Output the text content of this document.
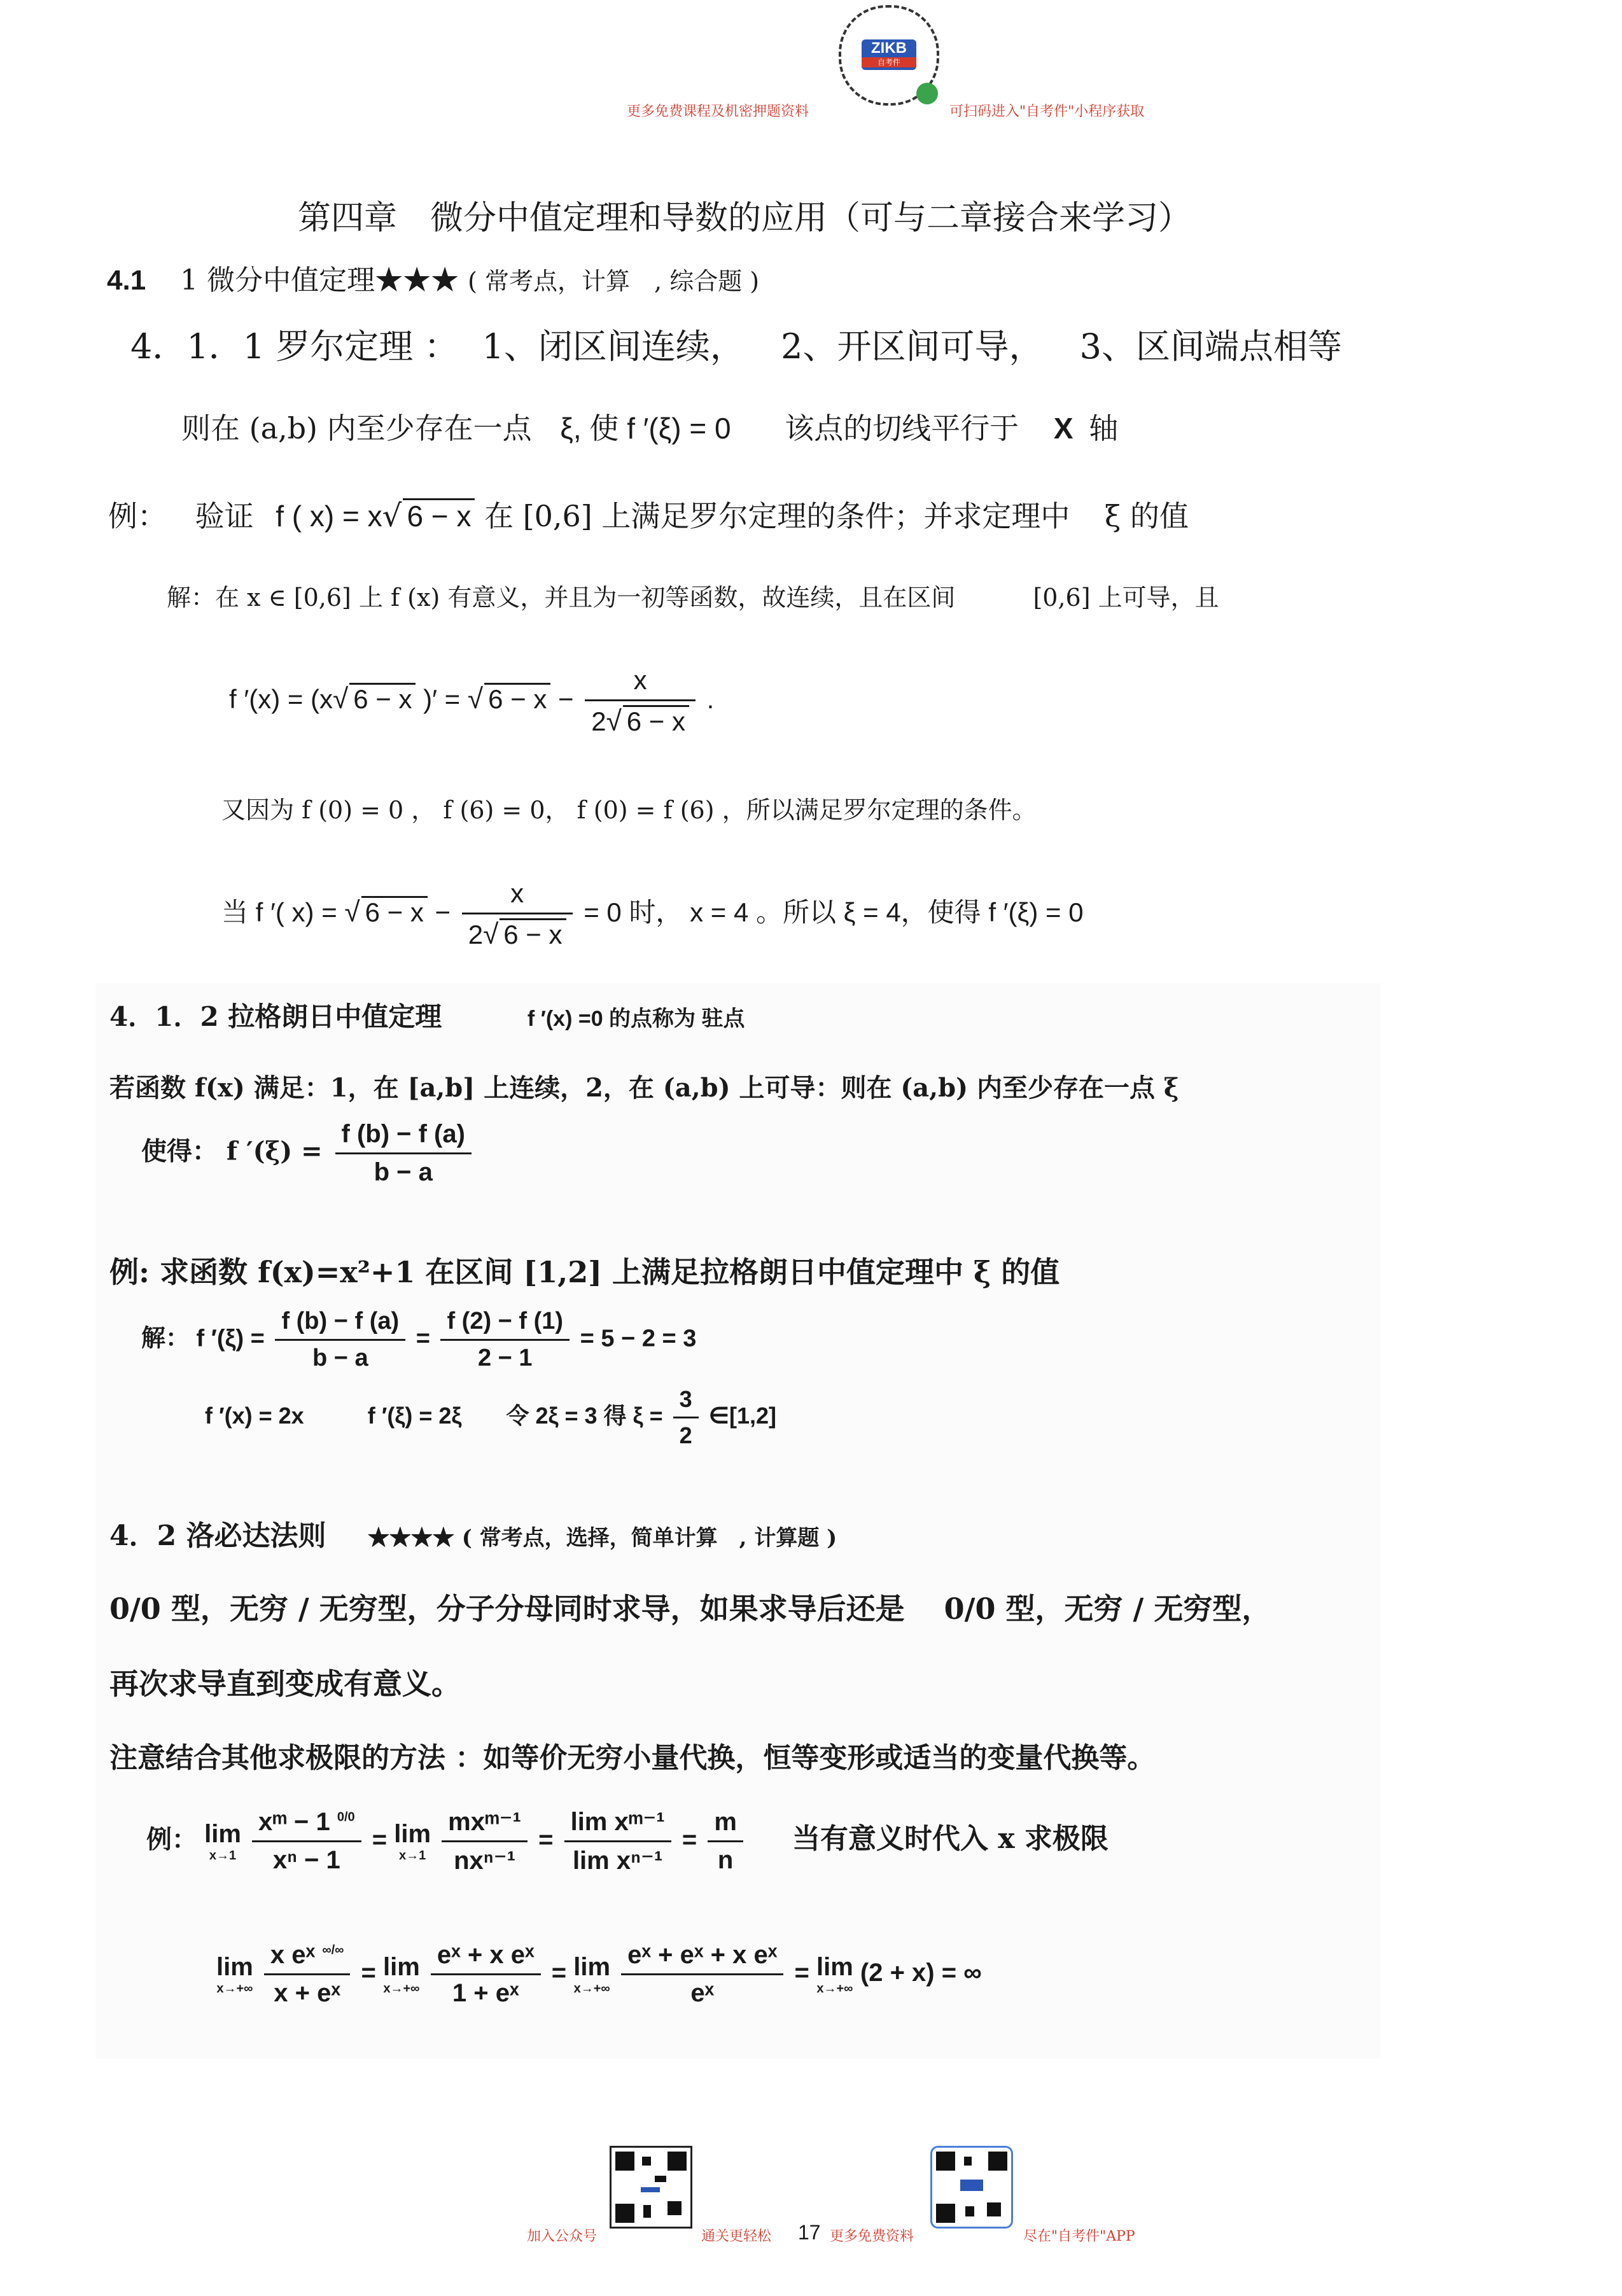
ZIKB
自考件
更多免费课程及机密押题资料	可扫码进入"自考件"小程序获取
第四章　微分中值定理和导数的应用（可与二章接合来学习）
4.1 1 微分中值定理★★★ ( 常考点，计算　, 综合题 )
4．1．1 罗尔定理 ： 1、闭区间连续， 2、开区间可导， 3、区间端点相等
则在 (a,b) 内至少存在一点 ξ, 使 f ′(ξ) = 0 该点的切线平行于 X 轴
例： 验证 f ( x) = x√ 6 − x 在 [0,6] 上满足罗尔定理的条件；并求定理中 ξ 的值
解：在 x ∈ [0,6] 上 f (x) 有意义，并且为一初等函数，故连续，且在区间	[0,6] 上可导，且
f ′(x) = (x√ 6 − x )′ = √ $6 - x - \frac{x}{2√ 6 - x}$ .
又因为 f (0) = 0 ， f (6) = 0， f (0) = f (6) ，所以满足罗尔定理的条件。
当 f ′( x) = √ $6 - x - \frac{x}{2√ 6 - x} = 0$ 时， x = 4 。所以 ξ = 4，使得 f ′(ξ) = 0
4．1．2 拉格朗日中值定理	f ′(x) =0 的点称为 驻点
若函数 f(x) 满足：1，在 [a,b] 上连续，2，在 (a,b) 上可导：则在 (a,b) 内至少存在一点 ξ
使得： f $'(\xi) = \frac{f (b) - f (a)}{b - a}$
例: 求函数 f(x)=x²+1 在区间 [1,2] 上满足拉格朗日中值定理中 ξ 的值
解： f $'(\xi) = \frac{f (b) - f (a)}{b - a} = \frac{f (2) - f (1)}{2 - 1} = 5 - 2 = 3$
f ′(x) = 2x	f ′(ξ) = 2ξ 令 2ξ = 3 得 $\xi = \frac{3}{2}$ ∈[1,2]
4．2 洛必达法则 ★★★★ ( 常考点，选择，简单计算　, 计算题 )
0/0 型，无穷 / 无穷型，分子分母同时求导，如果求导后还是　 0/0 型，无穷 / 无穷型，
再次求导直到变成有意义。
注意结合其他求极限的方法 ：如等价无穷小量代换，恒等变形或适当的变量代换等。
例： lim
x→1
$\frac{xᵐ - 1 ^{0/0}}{\text{xⁿ − 1}} = \lim$
x→1
$\frac{\text{mxᵐ⁻¹}}{\text{nxⁿ⁻¹}} = \frac{\text{lim xᵐ⁻¹}}{\text{lim xⁿ⁻¹}} = \frac{m}{n}$ 当有意义时代入 x 求极限
lim
x→+∞
$\frac{x eˣ ^{\infty/\infty}}{\text{x + eˣ}} = \lim$
x→+∞
$\frac{\text{eˣ + x eˣ}}{\text{1 + eˣ}} = \lim$
x→+∞
$\frac{\text{eˣ + eˣ + x eˣ}}{\text{eˣ}} = \lim$
x→+∞
(2 + x) = ∞
加入公众号	通关更轻松 17 更多免费资料	尽在"自考件"APP
